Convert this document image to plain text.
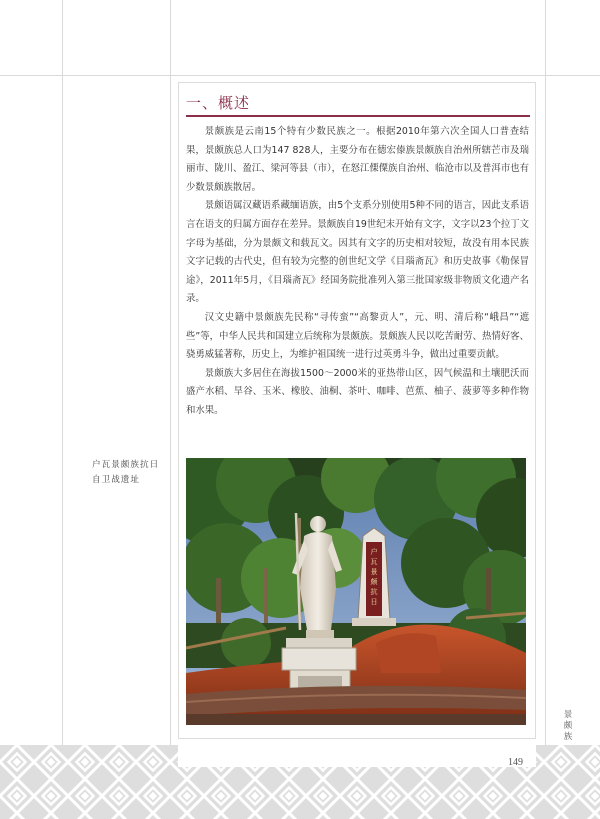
一、概述

景颇族是云南15个特有少数民族之一。根据2010年第六次全国人口普查结果，景颇族总人口为147 828人，主要分布在德宏傣族景颇族自治州所辖芒市及瑞丽市、陇川、盈江、梁河等县（市），在怒江傈僳族自治州、临沧市以及普洱市也有少数景颇族散居。

景颇语属汉藏语系藏缅语族，由5个支系分别使用5种不同的语言，因此支系语言在语支的归属方面存在差异。景颇族自19世纪末开始有文字，文字以23个拉丁文字母为基础，分为景颇文和载瓦文。因其有文字的历史相对较短，故没有用本民族文字记载的古代史，但有较为完整的创世纪文学《目瑙斋瓦》和历史故事《勒保冒途》，2011年5月，《目瑙斋瓦》经国务院批准列入第三批国家级非物质文化遗产名录。

汉文史籍中景颇族先民称“寻传蛮”“高黎贡人”，元、明、清后称“峨昌”“遮些”等，中华人民共和国建立后统称为景颇族。景颇族人民以吃苦耐劳、热情好客、骁勇威猛著称，历史上，为维护祖国统一进行过英勇斗争，做出过重要贡献。

景颇族大多居住在海拔1500～2000米的亚热带山区，因气候温和土壤肥沃而盛产水稻、旱谷、玉米、橡胶、油桐、茶叶、咖啡、芭蕉、柚子、菠萝等多种作物和水果。

户瓦景颇族抗日
自卫战遗址
户
瓦
景
颇
抗
日
景
颇
族
149
